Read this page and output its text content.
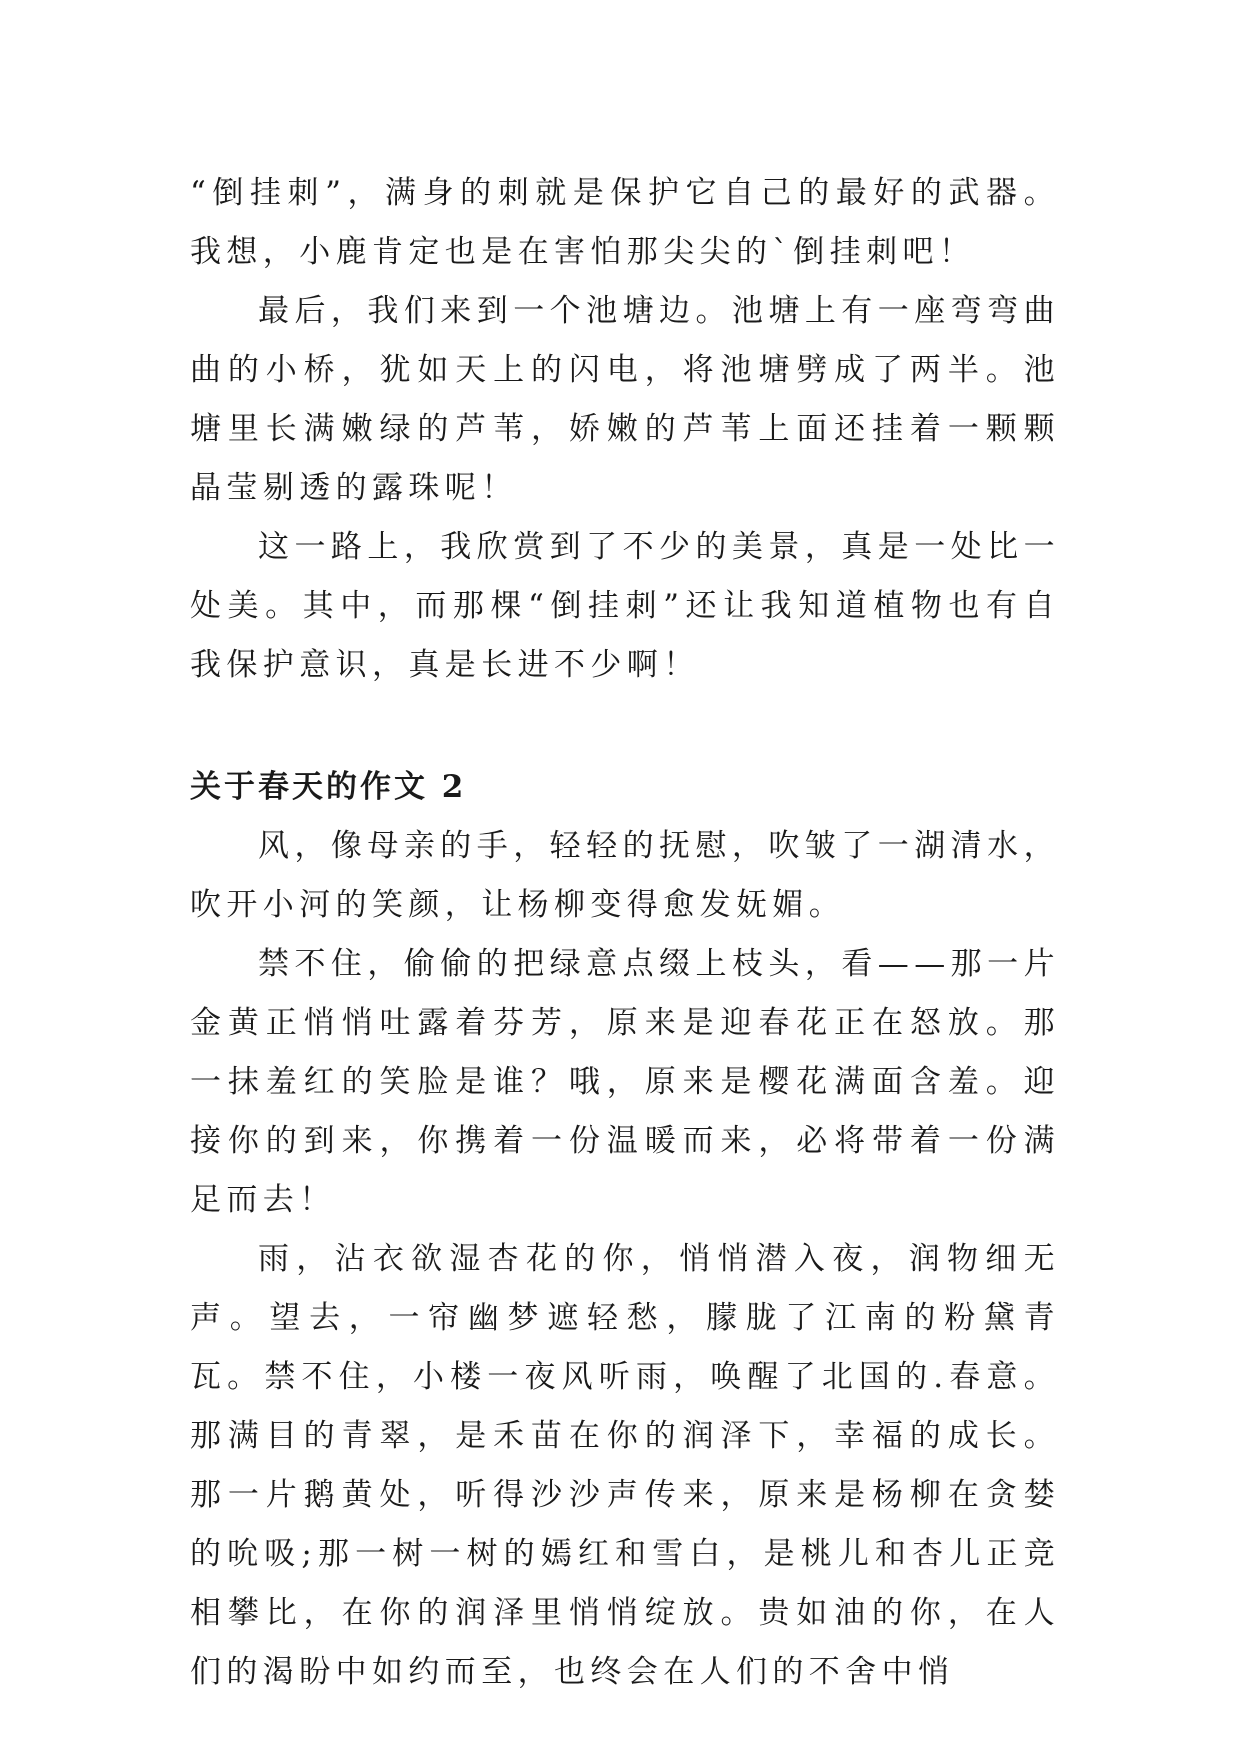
“倒挂刺”，满身的刺就是保护它自己的最好的武器。我想，小鹿肯定也是在害怕那尖尖的`倒挂刺吧！

最后，我们来到一个池塘边。池塘上有一座弯弯曲曲的小桥，犹如天上的闪电，将池塘劈成了两半。池塘里长满嫩绿的芦苇，娇嫩的芦苇上面还挂着一颗颗晶莹剔透的露珠呢！

这一路上，我欣赏到了不少的美景，真是一处比一处美。其中，而那棵“倒挂刺”还让我知道植物也有自我保护意识，真是长进不少啊！

关于春天的作文 2

风，像母亲的手，轻轻的抚慰，吹皱了一湖清水，吹开小河的笑颜，让杨柳变得愈发妩媚。

禁不住，偷偷的把绿意点缀上枝头，看——那一片金黄正悄悄吐露着芬芳，原来是迎春花正在怒放。那一抹羞红的笑脸是谁？哦，原来是樱花满面含羞。迎接你的到来，你携着一份温暖而来，必将带着一份满足而去！

雨，沾衣欲湿杏花的你，悄悄潜入夜，润物细无声。望去，一帘幽梦遮轻愁，朦胧了江南的粉黛青瓦。禁不住，小楼一夜风听雨，唤醒了北国的.春意。那满目的青翠，是禾苗在你的润泽下，幸福的成长。那一片鹅黄处，听得沙沙声传来，原来是杨柳在贪婪的吮吸;那一树一树的嫣红和雪白，是桃儿和杏儿正竞相攀比，在你的润泽里悄悄绽放。贵如油的你，在人们的渴盼中如约而至，也终会在人们的不舍中悄
